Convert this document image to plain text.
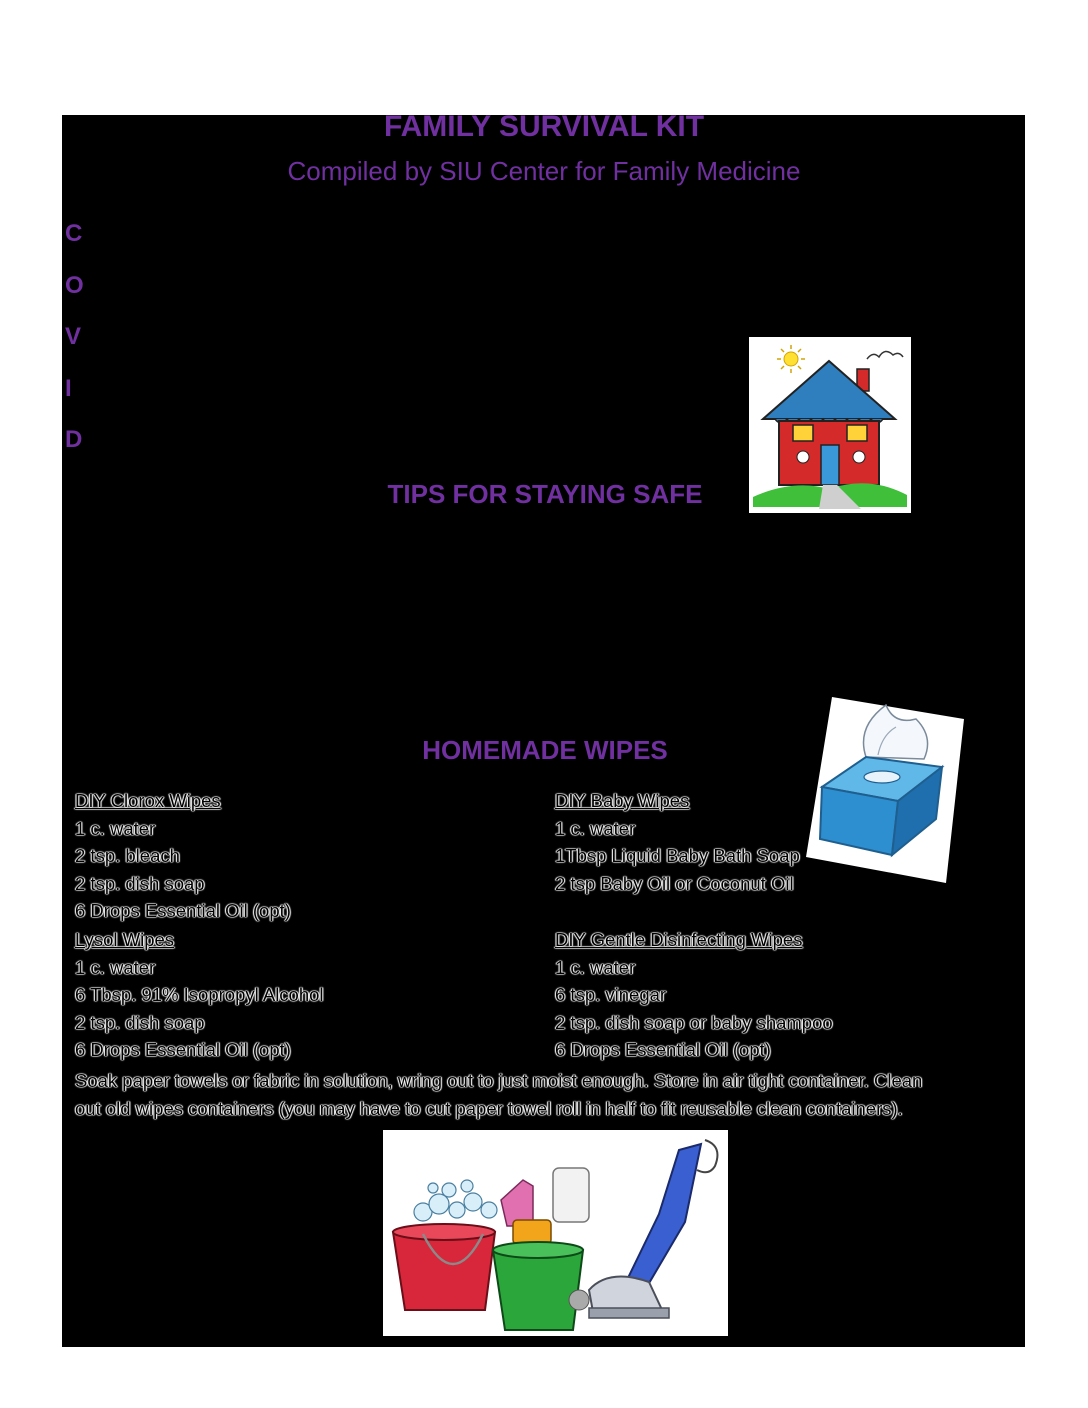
FAMILY SURVIVAL KIT
Compiled by SIU Center for Family Medicine
C
O
V
I
D
TIPS FOR STAYING SAFE
HOMEMADE WIPES
DIY Clorox Wipes
1 c. water
2 tsp. bleach
2 tsp. dish soap
6 Drops Essential Oil (opt)
Lysol Wipes
1 c. water
6 Tbsp. 91% Isopropyl Alcohol
2 tsp. dish soap
6 Drops Essential Oil (opt)
DIY Baby Wipes
1 c. water
1Tbsp Liquid Baby Bath Soap
2 tsp Baby Oil or Coconut Oil
DIY Gentle Disinfecting Wipes
1 c. water
6 tsp. vinegar
2 tsp. dish soap or baby shampoo
6 Drops Essential Oil (opt)
Soak paper towels or fabric in solution, wring out to just moist enough. Store in air tight container. Clean
out old wipes containers (you may have to cut paper towel roll in half to fit reusable clean containers).
